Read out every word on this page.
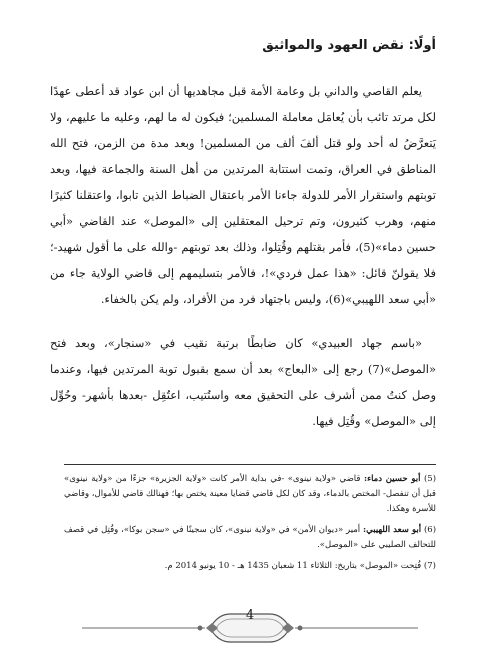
أولًا: نقض العهود والمواثيق

يعلم القاصي والداني بل وعامة الأمة قبل مجاهديها أن ابن عواد قد أعطى عهدًا لكل مرتد تائب بأن يُعامَل معاملة المسلمين؛ فيكون له ما لهم، وعليه ما عليهم، ولا يَتعرَّضُ له أحد ولو قتل ألفَ ألف من المسلمين! وبعد مدة من الزمن، فتح الله المناطق في العراق، وتمت استتابة المرتدين من أهل السنة والجماعة فيها، وبعد توبتهم واستقرار الأمر للدولة جاءنا الأمر باعتقال الضباط الذين تابوا، واعتقلنا كثيرًا منهم، وهرب كثيرون، وتم ترحيل المعتقلين إلى «الموصل» عند القاضي «أبي حسين دماء»(5)، فأمر بقتلهم وقُتِلوا، وذلك بعد توبتهم -والله على ما أقول شهيد-؛ فلا يقولنّ قائل: «هذا عمل فردي»!، فالأمر بتسليمهم إلى قاضي الولاية جاء من «أبي سعد اللهيبي»(6)، وليس باجتهاد فرد من الأفراد، ولم يكن بالخفاء.

«باسم جهاد العبيدي» كان ضابطًا برتبة نقيب في «سنجار»، وبعد فتح «الموصل»(7) رجع إلى «البعاج» بعد أن سمع بقبول توبة المرتدين فيها، وعندما وصل كنتُ ممن أشرف على التحقيق معه واستُتيب، اعتُقِل -بعدها بأشهر- وحُوِّل إلى «الموصل» وقُتِل فيها.

(5) أبو حسين دماء: قاضي «ولاية نينوى» -في بداية الأمر كانت «ولاية الجزيرة» جزءًا من «ولاية نينوى» قبل أن تنفصل- المختص بالدماء، وقد كان لكل قاضي قضايا معينة يختص بها؛ فهنالك قاضي للأموال، وقاضي للأسرة وهكذا.
(6) أبو سعد اللهيبي: أمير «ديوان الأمن» في «ولاية نينوى»، كان سجينًا في «سجن بوكا»، وقُتِل في قصف للتحالف الصليبي على «الموصل».
(7) فُتِحت «الموصل» بتاريخ: الثلاثاء 11 شعبان 1435 هـ - 10 يونيو 2014 م.
4
